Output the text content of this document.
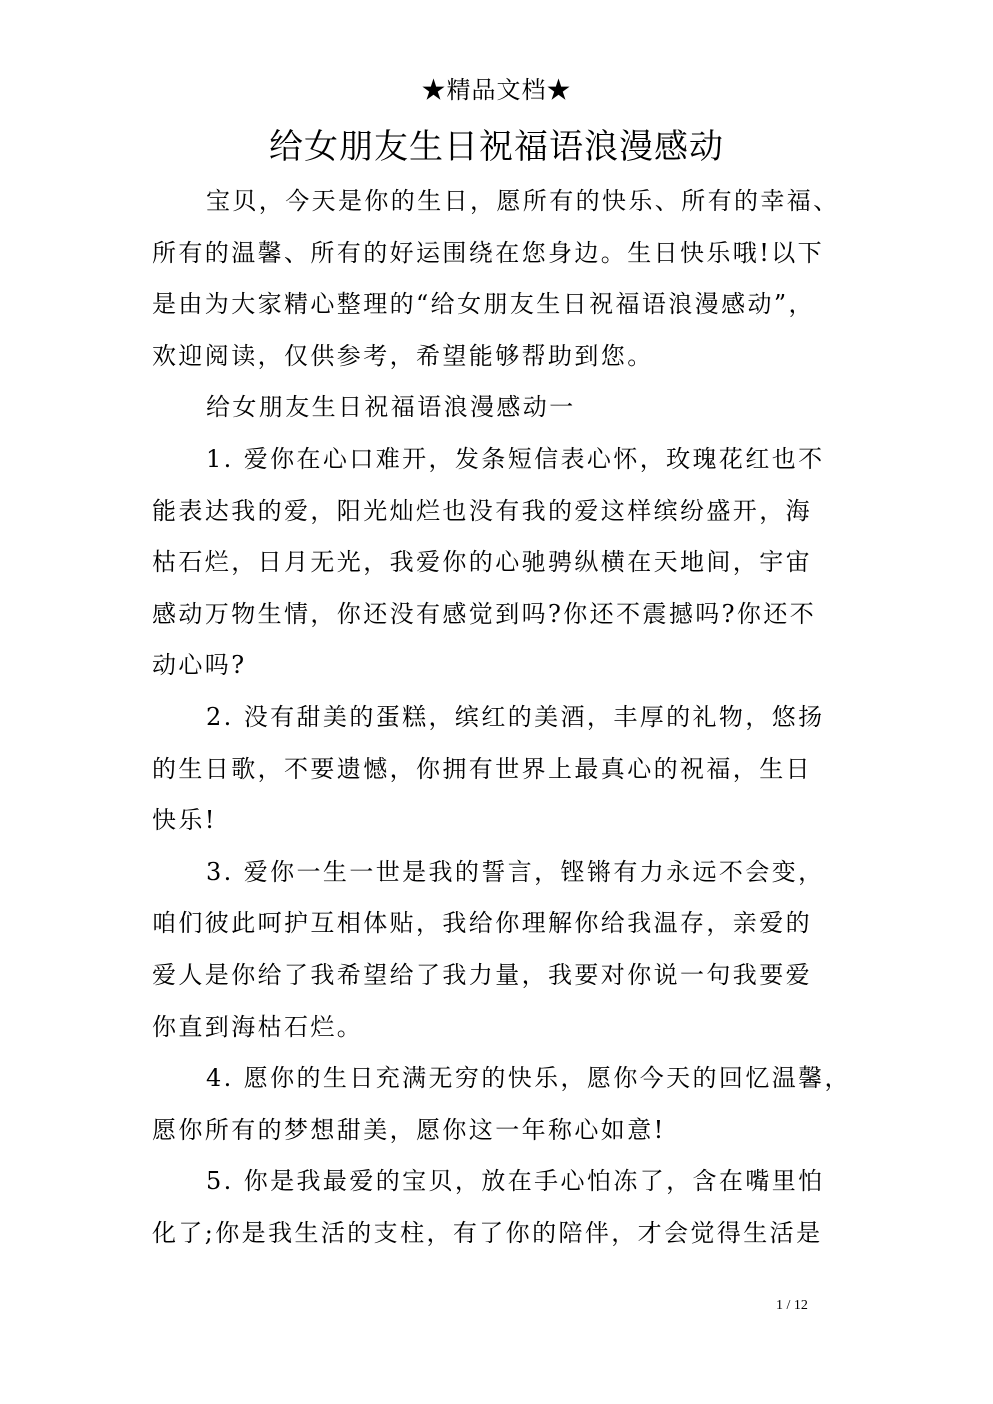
★精品文档★
给女朋友生日祝福语浪漫感动
宝贝，今天是你的生日，愿所有的快乐、所有的幸福、
所有的温馨、所有的好运围绕在您身边。生日快乐哦!以下
是由为大家精心整理的“给女朋友生日祝福语浪漫感动”，
欢迎阅读，仅供参考，希望能够帮助到您。
给女朋友生日祝福语浪漫感动一
1. 爱你在心口难开，发条短信表心怀，玫瑰花红也不
能表达我的爱，阳光灿烂也没有我的爱这样缤纷盛开，海
枯石烂，日月无光，我爱你的心驰骋纵横在天地间，宇宙
感动万物生情，你还没有感觉到吗?你还不震撼吗?你还不
动心吗?
2. 没有甜美的蛋糕，缤红的美酒，丰厚的礼物，悠扬
的生日歌，不要遗憾，你拥有世界上最真心的祝福，生日
快乐!
3. 爱你一生一世是我的誓言，铿锵有力永远不会变，
咱们彼此呵护互相体贴，我给你理解你给我温存，亲爱的
爱人是你给了我希望给了我力量，我要对你说一句我要爱
你直到海枯石烂。
4. 愿你的生日充满无穷的快乐，愿你今天的回忆温馨，
愿你所有的梦想甜美，愿你这一年称心如意!
5. 你是我最爱的宝贝，放在手心怕冻了，含在嘴里怕
化了;你是我生活的支柱，有了你的陪伴，才会觉得生活是
1 / 12
